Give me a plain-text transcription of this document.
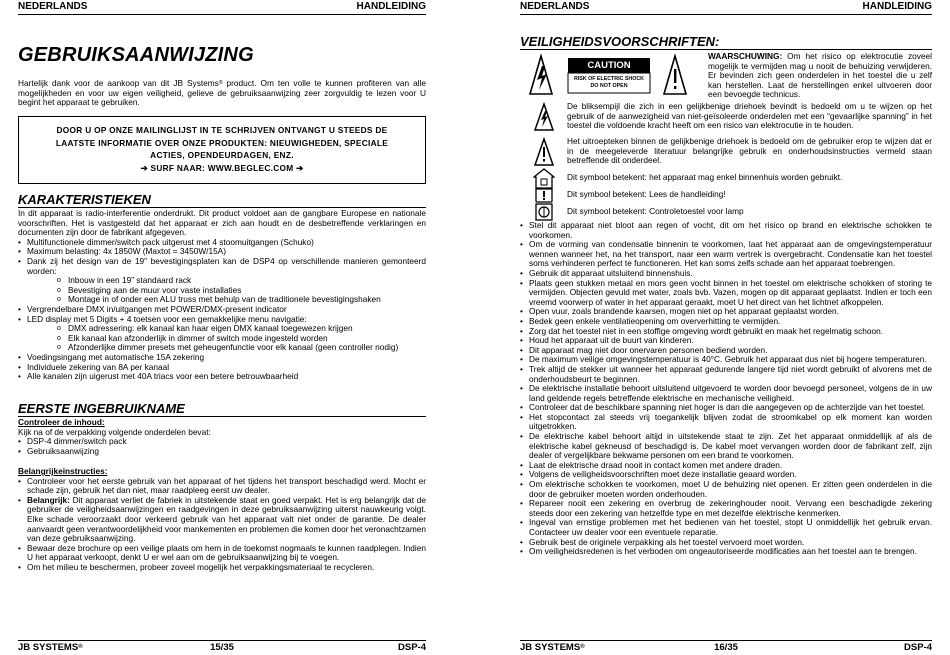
NEDERLANDS	HANDLEIDING
GEBRUIKSAANWIJZING
Hartelijk dank voor de aankoop van dit JB Systems® product. Om ten volle te kunnen profiteren van alle mogelijkheden en voor uw eigen veiligheid, gelieve de gebruiksaanwijzing zeer zorgvuldig te lezen voor U begint het apparaat te gebruiken.
DOOR U OP ONZE MAILINGLIJST IN TE SCHRIJVEN ONTVANGT U STEEDS DE
LAATSTE INFORMATIE OVER ONZE PRODUKTEN: NIEUWIGHEDEN, SPECIALE
ACTIES, OPENDEURDAGEN, ENZ.
➔ SURF NAAR: WWW.BEGLEC.COM ➔
KARAKTERISTIEKEN
In dit apparaat is radio-interferentie onderdrukt. Dit product voldoet aan de gangbare Europese en nationale voorschriften. Het is vastgesteld dat het apparaat er zich aan houdt en de desbetreffende verklaringen en documenten zijn door de fabrikant afgegeven.
• Multifunctionele dimmer/switch pack uitgerust met 4 stoomuitgangen (Schuko)
• Maximum belasting: 4x 1850W (Maxtot = 3450W/15A)
• Dank zij het design van de 19” bevestigingsplaten kan de DSP4 op verschillende manieren gemonteerd worden:
o Inbouw in een 19” standaard rack
o Bevestiging aan de muur voor vaste installaties
o Montage in of onder een ALU truss met behulp van de traditionele bevestigingshaken
• Vergrendelbare DMX in/uitgangen met POWER/DMX-present indicator
• LED display met 5 Digits + 4 toetsen voor een gemakkelijke menu navigatie:
o DMX adressering: elk kanaal kan haar eigen DMX kanaal toegewezen krijgen
o Elk kanaal kan afzonderlijk in dimmer of switch mode ingesteld worden
o Afzonderlijke dimmer presets met geheugenfunctie voor elk kanaal (geen controller nodig)
• Voedingsingang met automatische 15A zekering
• Individuele zekering van 8A per kanaal
• Alle kanalen zijn uigerust met 40A triacs voor een betere betrouwbaarheid
EERSTE INGEBRUIKNAME
Controleer de inhoud:
Kijk na of de verpakking volgende onderdelen bevat:
• DSP-4 dimmer/switch pack
• Gebruiksaanwijzing
Belangrijkeinstructies:
• Controleer voor het eerste gebruik van het apparaat of het tijdens het transport beschadigd werd. Mocht er schade zijn, gebruik het dan niet, maar raadpleeg eerst uw dealer.
• Belangrijk: Dit apparaat verliet de fabriek in uitstekende staat en goed verpakt. Het is erg belangrijk dat de gebruiker de veiligheidsaanwijzingen en raadgevingen in deze gebruiksaanwijzing uiterst nauwkeurig volgt. Elke schade veroorzaakt door verkeerd gebruik van het apparaat valt niet onder de garantie. De dealer aanvaardt geen verantwoordelijkheid voor mankementen en problemen die komen door het veronachtzamen van deze gebruiksaanwijzing.
• Bewaar deze brochure op een veilige plaats om hem in de toekomst nogmaals te kunnen raadplegen. Indien U het apparaat verkoopt, denkt U er wel aan om de gebruiksaanwijzing bij te voegen.
• Om het milieu te beschermen, probeer zoveel mogelijk het verpakkingsmateriaal te recycleren.
JB SYSTEMS®	15/35	DSP-4
NEDERLANDS	HANDLEIDING
VEILIGHEIDSVOORSCHRIFTEN:
CAUTION
RISK OF ELECTRIC SHOCK
DO NOT OPEN
WAARSCHUWING: Om het risico op elektrocutie zoveel mogelijk te vermijden mag u nooit de behuizing verwijderen. Er bevinden zich geen onderdelen in het toestel die u zelf kan herstellen. Laat de herstellingen enkel uitvoeren door een bevoegde technicus.
De bliksempijl die zich in een gelijkbenige driehoek bevindt is bedoeld om u te wijzen op het gebruik of de aanwezigheid van niet-geïsoleerde onderdelen met een “gevaarlijke spanning” in het toestel die voldoende kracht heeft om een risico van elektrocutie in te houden.
Het uitroepteken binnen de gelijkbenige driehoek is bedoeld om de gebruiker erop te wijzen dat er in de meegeleverde literatuur belangrijke gebruik en onderhoudsinstructies vermeld staan betreffende dit onderdeel.
Dit symbool betekent: het apparaat mag enkel binnenhuis worden gebruikt.
Dit symbool betekent: Lees de handleiding!
Dit symbool betekent: Controletoestel voor lamp
• Stel dit apparaat niet bloot aan regen of vocht, dit om het risico op brand en elektrische schokken te voorkomen.
• Om de vorming van condensatie binnenin te voorkomen, laat het apparaat aan de omgevingstemperatuur wennen wanneer het, na het transport, naar een warm vertrek is overgebracht. Condensatie kan het toestel soms verhinderen perfect te functioneren. Het kan soms zelfs schade aan het apparaat toebrengen.
• Gebruik dit apparaat uitsluitend binnenshuis.
• Plaats geen stukken metaal en mors geen vocht binnen in het toestel om elektrische schokken of storing te vermijden. Objecten gevuld met water, zoals bvb. Vazen, mogen op dit apparaat geplaatst. Indien er toch een vreemd voorwerp of water in het apparaat geraakt, moet U het direct van het lichtnet afkoppelen.
• Open vuur, zoals brandende kaarsen, mogen niet op het apparaat geplaatst worden.
• Bedek geen enkele ventilatieopening om oververhitting te vermijden.
• Zorg dat het toestel niet in een stoffige omgeving wordt gebruikt en maak het regelmatig schoon.
• Houd het apparaat uit de buurt van kinderen.
• Dit apparaat mag niet door onervaren personen bediend worden.
• De maximum veilige omgevingstemperatuur is 40°C. Gebruik het apparaat dus niet bij hogere temperaturen.
• Trek altijd de stekker uit wanneer het apparaat gedurende langere tijd niet wordt gebruikt of alvorens met de onderhoudsbeurt te beginnen.
• De elektrische installatie behoort uitsluitend uitgevoerd te worden door bevoegd personeel, volgens de in uw land geldende regels betreffende elektrische en mechanische veiligheid.
• Controleer dat de beschikbare spanning niet hoger is dan die aangegeven op de achterzijde van het toestel.
• Het stopcontact zal steeds vrij toegankelijk blijven zodat de stroomkabel op elk moment kan worden uitgetrokken.
• De elektrische kabel behoort altijd in uitstekende staat te zijn. Zet het apparaat onmiddellijk af als de elektrische kabel gekneusd of beschadigd is. De kabel moet vervangen worden door de fabrikant zelf, zijn dealer of vergelijkbare bekwame personen om een brand te voorkomen.
• Laat de elektrische draad nooit in contact komen met andere draden.
• Volgens de veiligheidsvoorschriften moet deze installatie geaard worden.
• Om elektrische schokken te voorkomen, moet U de behuizing niet openen. Er zitten geen onderdelen in die door de gebruiker moeten worden onderhouden.
• Repareer nooit een zekering en overbrug de zekeringhouder nooit. Vervang een beschadigde zekering steeds door een zekering van hetzelfde type en met dezelfde elektrische kenmerken.
• Ingeval van ernstige problemen met het bedienen van het toestel, stopt U onmiddellijk het gebruik ervan. Contacteer uw dealer voor een eventuele reparatie.
• Gebruik best de originele verpakking als het toestel vervoerd moet worden.
• Om veiligheidsredenen is het verboden om ongeautoriseerde modificaties aan het toestel aan te brengen.
JB SYSTEMS®	16/35	DSP-4
